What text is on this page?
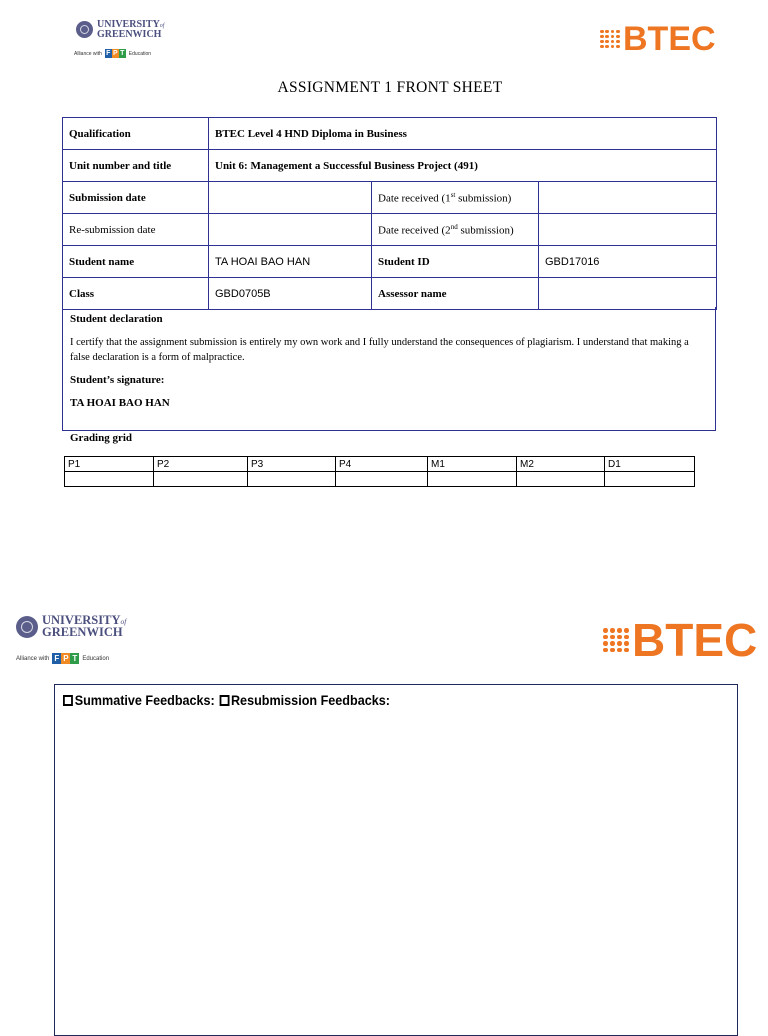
UNIVERSITYof
GREENWICH
Alliance with F P T Education	BTEC
ASSIGNMENT 1 FRONT SHEET
Qualification	BTEC Level 4 HND Diploma in Business		
Unit number and title	Unit 6: Management a Successful Business Project (491)		
Submission date		Date received (1st submission)	
Re-submission date		Date received (2nd submission)	
Student name	TA HOAI BAO HAN	Student ID	GBD17016
Class	GBD0705B	Assessor name	

Student declaration

I certify that the assignment submission is entirely my own work and I fully understand the consequences of plagiarism. I understand that making a false declaration is a form of malpractice.

Student’s signature:

TA HOAI BAO HAN

Grading grid
P1	P2	P3	P4	M1	M2	D1

UNIVERSITYof
GREENWICH
Alliance with F P T Education	BTEC
Summative Feedbacks: Resubmission Feedbacks:
